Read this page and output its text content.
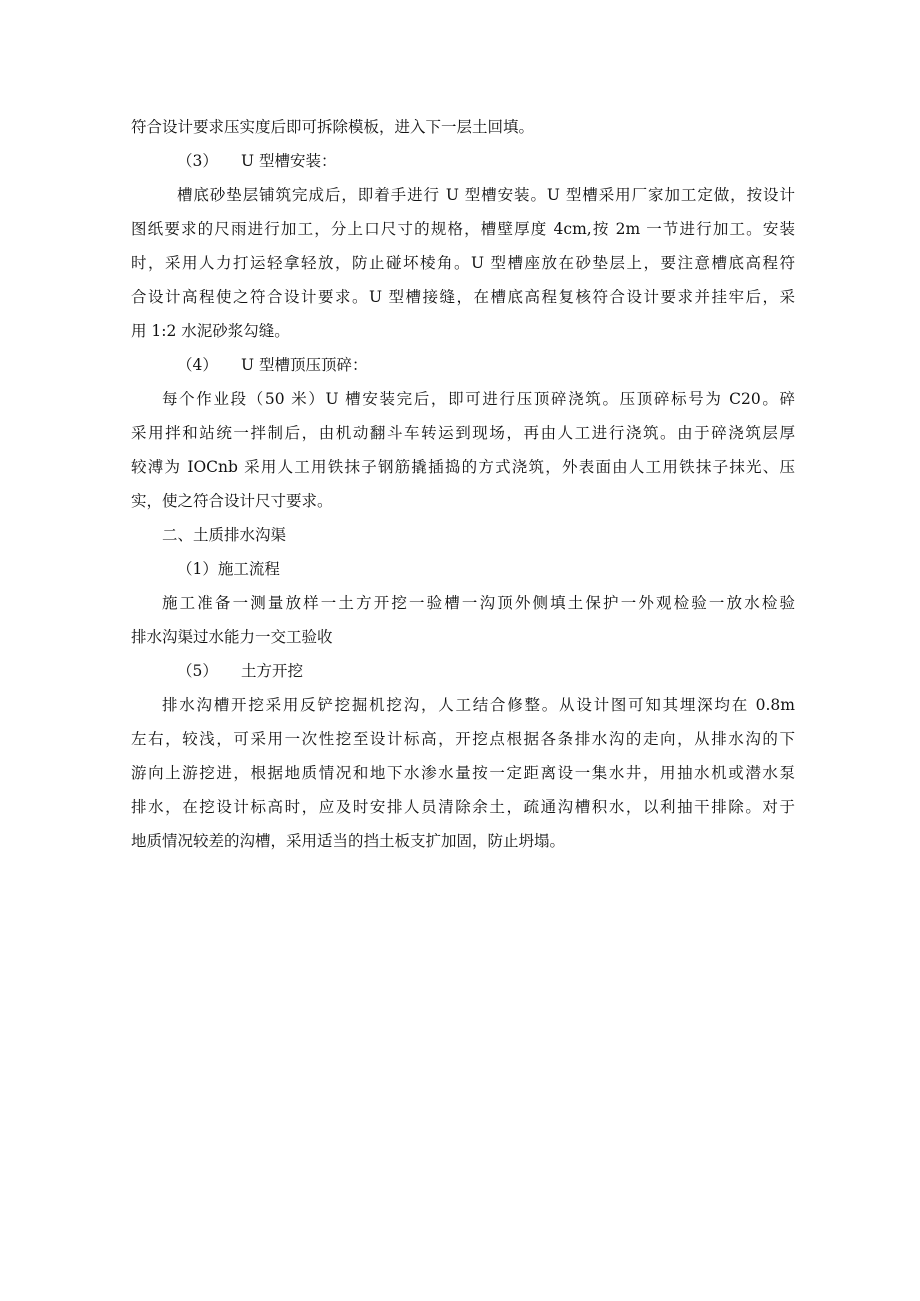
符合设计要求压实度后即可拆除模板，进入下一层土回填。
（3） U 型槽安装：
槽底砂垫层铺筑完成后，即着手进行 U 型槽安装。U 型槽采用厂家加工定做，按设计
图纸要求的尺雨进行加工，分上口尺寸的规格，槽壁厚度 4cm,按 2m 一节进行加工。安装
时，采用人力打运轻拿轻放，防止碰坏棱角。U 型槽座放在砂垫层上，要注意槽底高程符
合设计高程使之符合设计要求。U 型槽接缝，在槽底高程复核符合设计要求并挂牢后，采
用 1:2 水泥砂浆勾缝。
（4） U 型槽顶压顶碎：
每个作业段（50 米）U 槽安装完后，即可进行压顶碎浇筑。压顶碎标号为 C20。碎
采用拌和站统一拌制后，由机动翻斗车转运到现场，再由人工进行浇筑。由于碎浇筑层厚
较溥为 IOCnb 采用人工用铁抹子钢筋撬插捣的方式浇筑，外表面由人工用铁抹子抹光、压
实，使之符合设计尺寸要求。
二、土质排水沟渠
（1）施工流程
施工准备一测量放样一土方开挖一验槽一沟顶外侧填土保护一外观检验一放水检验
排水沟渠过水能力一交工验收
（5） 土方开挖
排水沟槽开挖采用反铲挖掘机挖沟，人工结合修整。从设计图可知其埋深均在 0.8m
左右，较浅，可采用一次性挖至设计标高，开挖点根据各条排水沟的走向，从排水沟的下
游向上游挖进，根据地质情况和地下水渗水量按一定距离设一集水井，用抽水机或潜水泵
排水，在挖设计标高时，应及时安排人员清除余土，疏通沟槽积水，以利抽干排除。对于
地质情况较差的沟槽，采用适当的挡土板支扩加固，防止坍塌。
